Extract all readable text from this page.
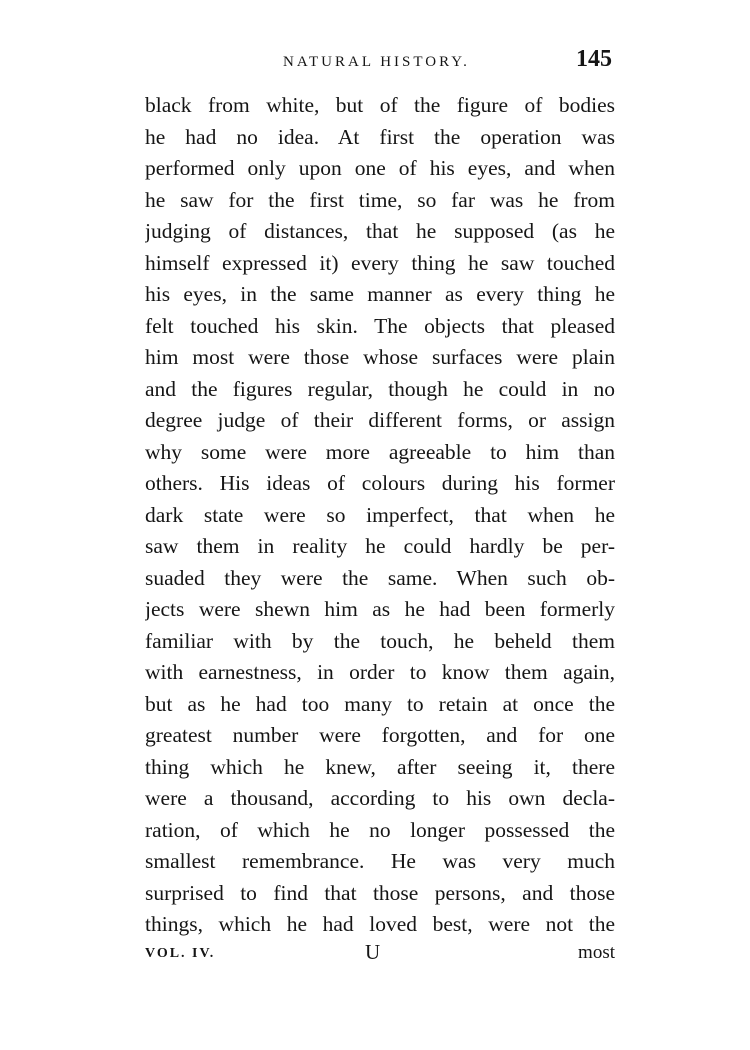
NATURAL HISTORY.	145
black from white, but of the figure of bodies
he had no idea. At first the operation was
performed only upon one of his eyes, and when
he saw for the first time, so far was he from
judging of distances, that he supposed (as he
himself expressed it) every thing he saw touched
his eyes, in the same manner as every thing he
felt touched his skin. The objects that pleased
him most were those whose surfaces were plain
and the figures regular, though he could in no
degree judge of their different forms, or assign
why some were more agreeable to him than
others. His ideas of colours during his former
dark state were so imperfect, that when he
saw them in reality he could hardly be per-
suaded they were the same. When such ob-
jects were shewn him as he had been formerly
familiar with by the touch, he beheld them
with earnestness, in order to know them again,
but as he had too many to retain at once the
greatest number were forgotten, and for one
thing which he knew, after seeing it, there
were a thousand, according to his own decla-
ration, of which he no longer possessed the
smallest remembrance. He was very much
surprised to find that those persons, and those
things, which he had loved best, were not the
VOL. IV.	U	most
